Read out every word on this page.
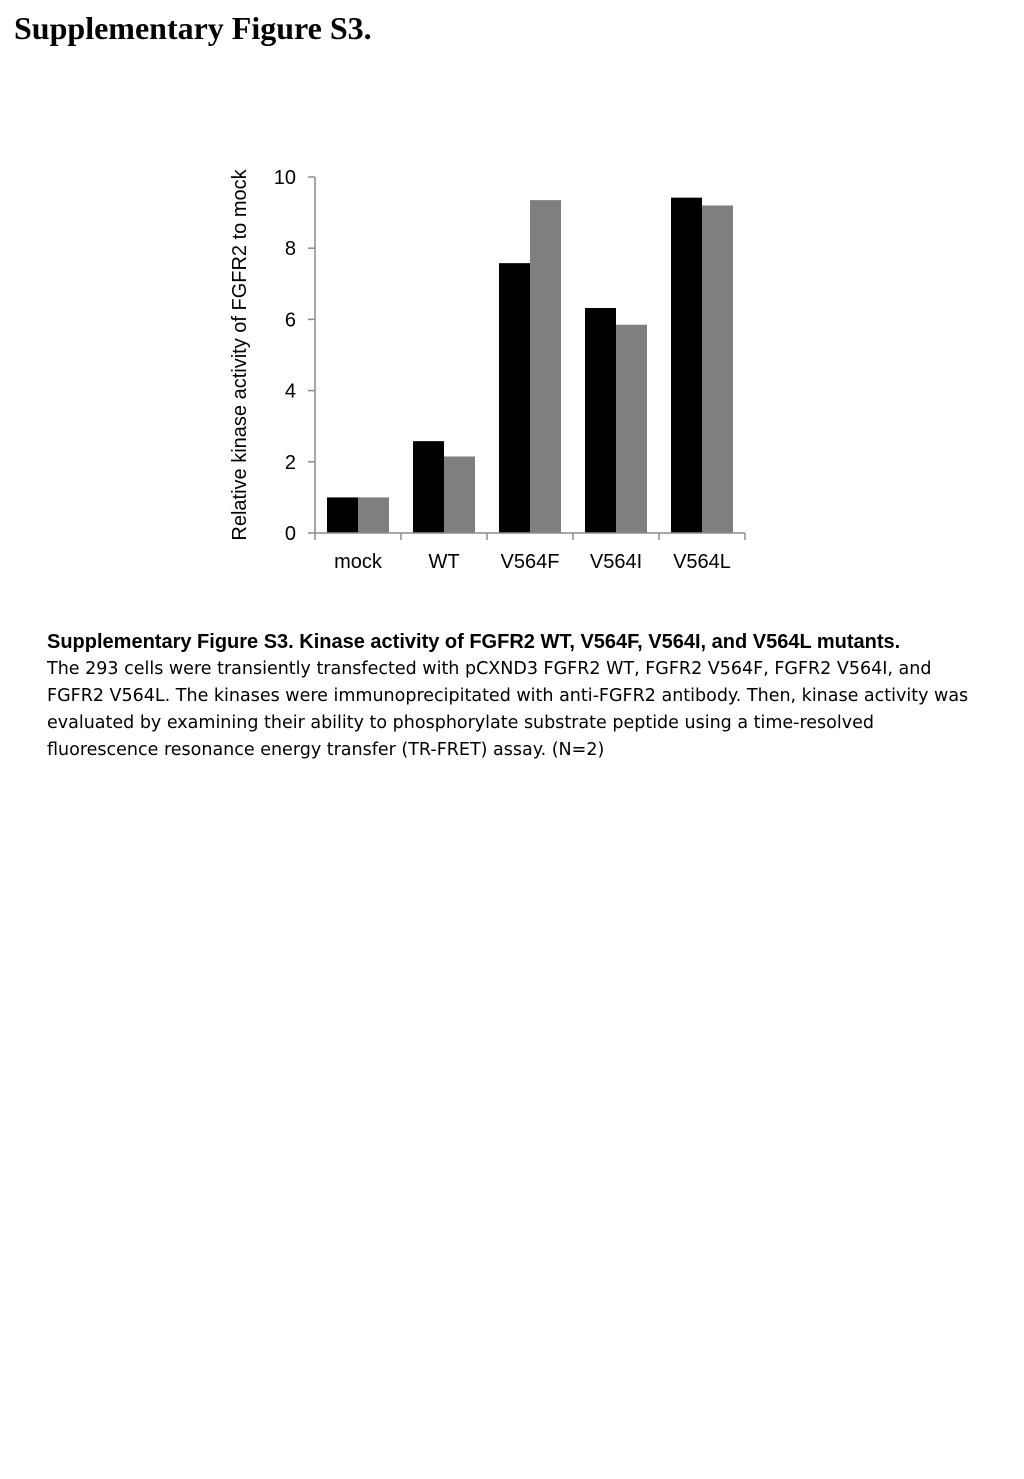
Supplementary Figure S3.
0
2
4
6
8
10
mock WT V564F V564I V564L
Relative kinase activity of FGFR2 to mock

Supplementary Figure S3. Kinase activity of FGFR2 WT, V564F, V564I, and V564L mutants.

The 293 cells were transiently transfected with pCXND3 FGFR2 WT, FGFR2 V564F, FGFR2 V564I, and FGFR2 V564L. The kinases were immunoprecipitated with anti-FGFR2 antibody. Then, kinase activity was evaluated by examining their ability to phosphorylate substrate peptide using a time-resolved fluorescence resonance energy transfer (TR-FRET) assay. (N=2)
